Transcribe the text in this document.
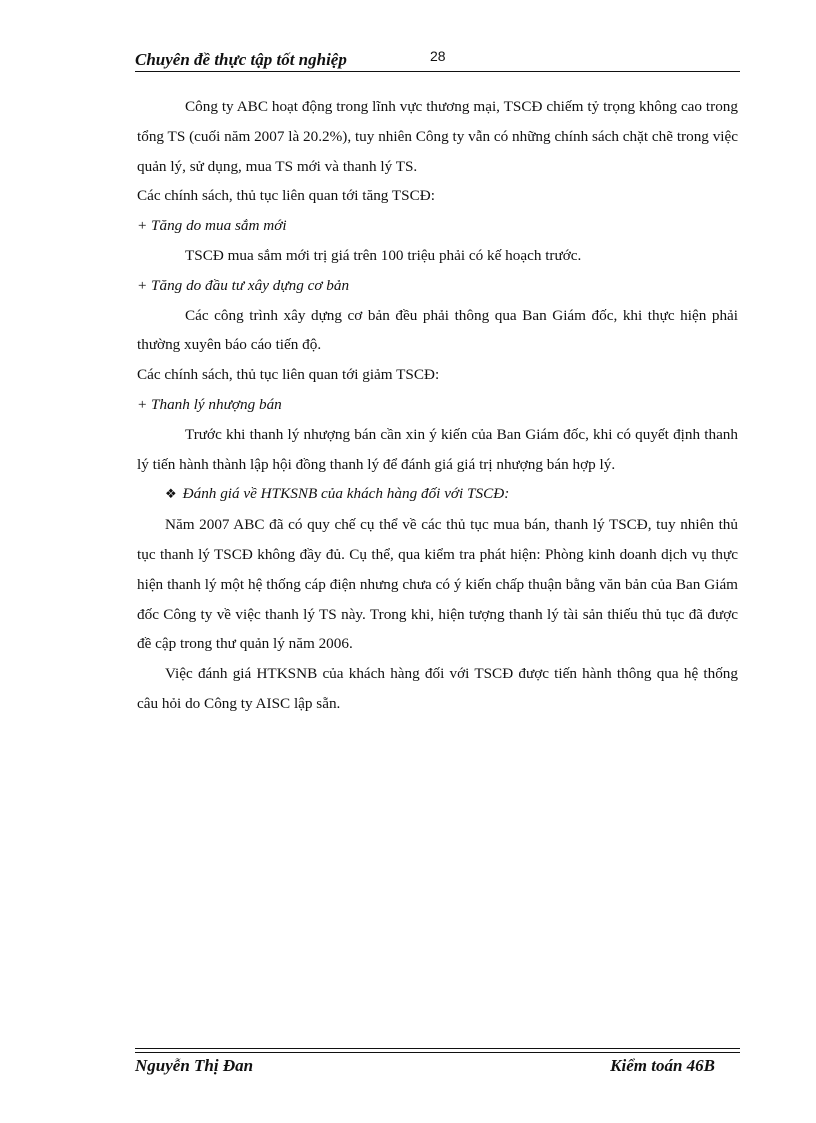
Chuyên đề thực tập tốt nghiệp	28

Công ty ABC hoạt động trong lĩnh vực thương mại, TSCĐ chiếm tỷ trọng không cao trong tổng TS (cuối năm 2007 là 20.2%), tuy nhiên Công ty vẫn có những chính sách chặt chẽ trong việc quản lý, sử dụng, mua TS mới và thanh lý TS.

Các chính sách, thủ tục liên quan tới tăng TSCĐ:

+ Tăng do mua sắm mới

TSCĐ mua sắm mới trị giá trên 100 triệu phải có kế hoạch trước.

+ Tăng do đầu tư xây dựng cơ bản

Các công trình xây dựng cơ bản đều phải thông qua Ban Giám đốc, khi thực hiện phải thường xuyên báo cáo tiến độ.

Các chính sách, thủ tục liên quan tới giảm TSCĐ:

+ Thanh lý nhượng bán

Trước khi thanh lý nhượng bán cần xin ý kiến của Ban Giám đốc, khi có quyết định thanh lý tiến hành thành lập hội đồng thanh lý để đánh giá giá trị nhượng bán hợp lý.

❖ Đánh giá về HTKSNB của khách hàng đối với TSCĐ:

Năm 2007 ABC đã có quy chế cụ thể về các thủ tục mua bán, thanh lý TSCĐ, tuy nhiên thủ tục thanh lý TSCĐ không đầy đủ. Cụ thể, qua kiểm tra phát hiện: Phòng kinh doanh dịch vụ thực hiện thanh lý một hệ thống cáp điện nhưng chưa có ý kiến chấp thuận bằng văn bản của Ban Giám đốc Công ty về việc thanh lý TS này. Trong khi, hiện tượng thanh lý tài sản thiếu thủ tục đã được đề cập trong thư quản lý năm 2006.

Việc đánh giá HTKSNB của khách hàng đối với TSCĐ được tiến hành thông qua hệ thống câu hỏi do Công ty AISC lập sẵn.

Nguyễn Thị Đan	Kiểm toán 46B
